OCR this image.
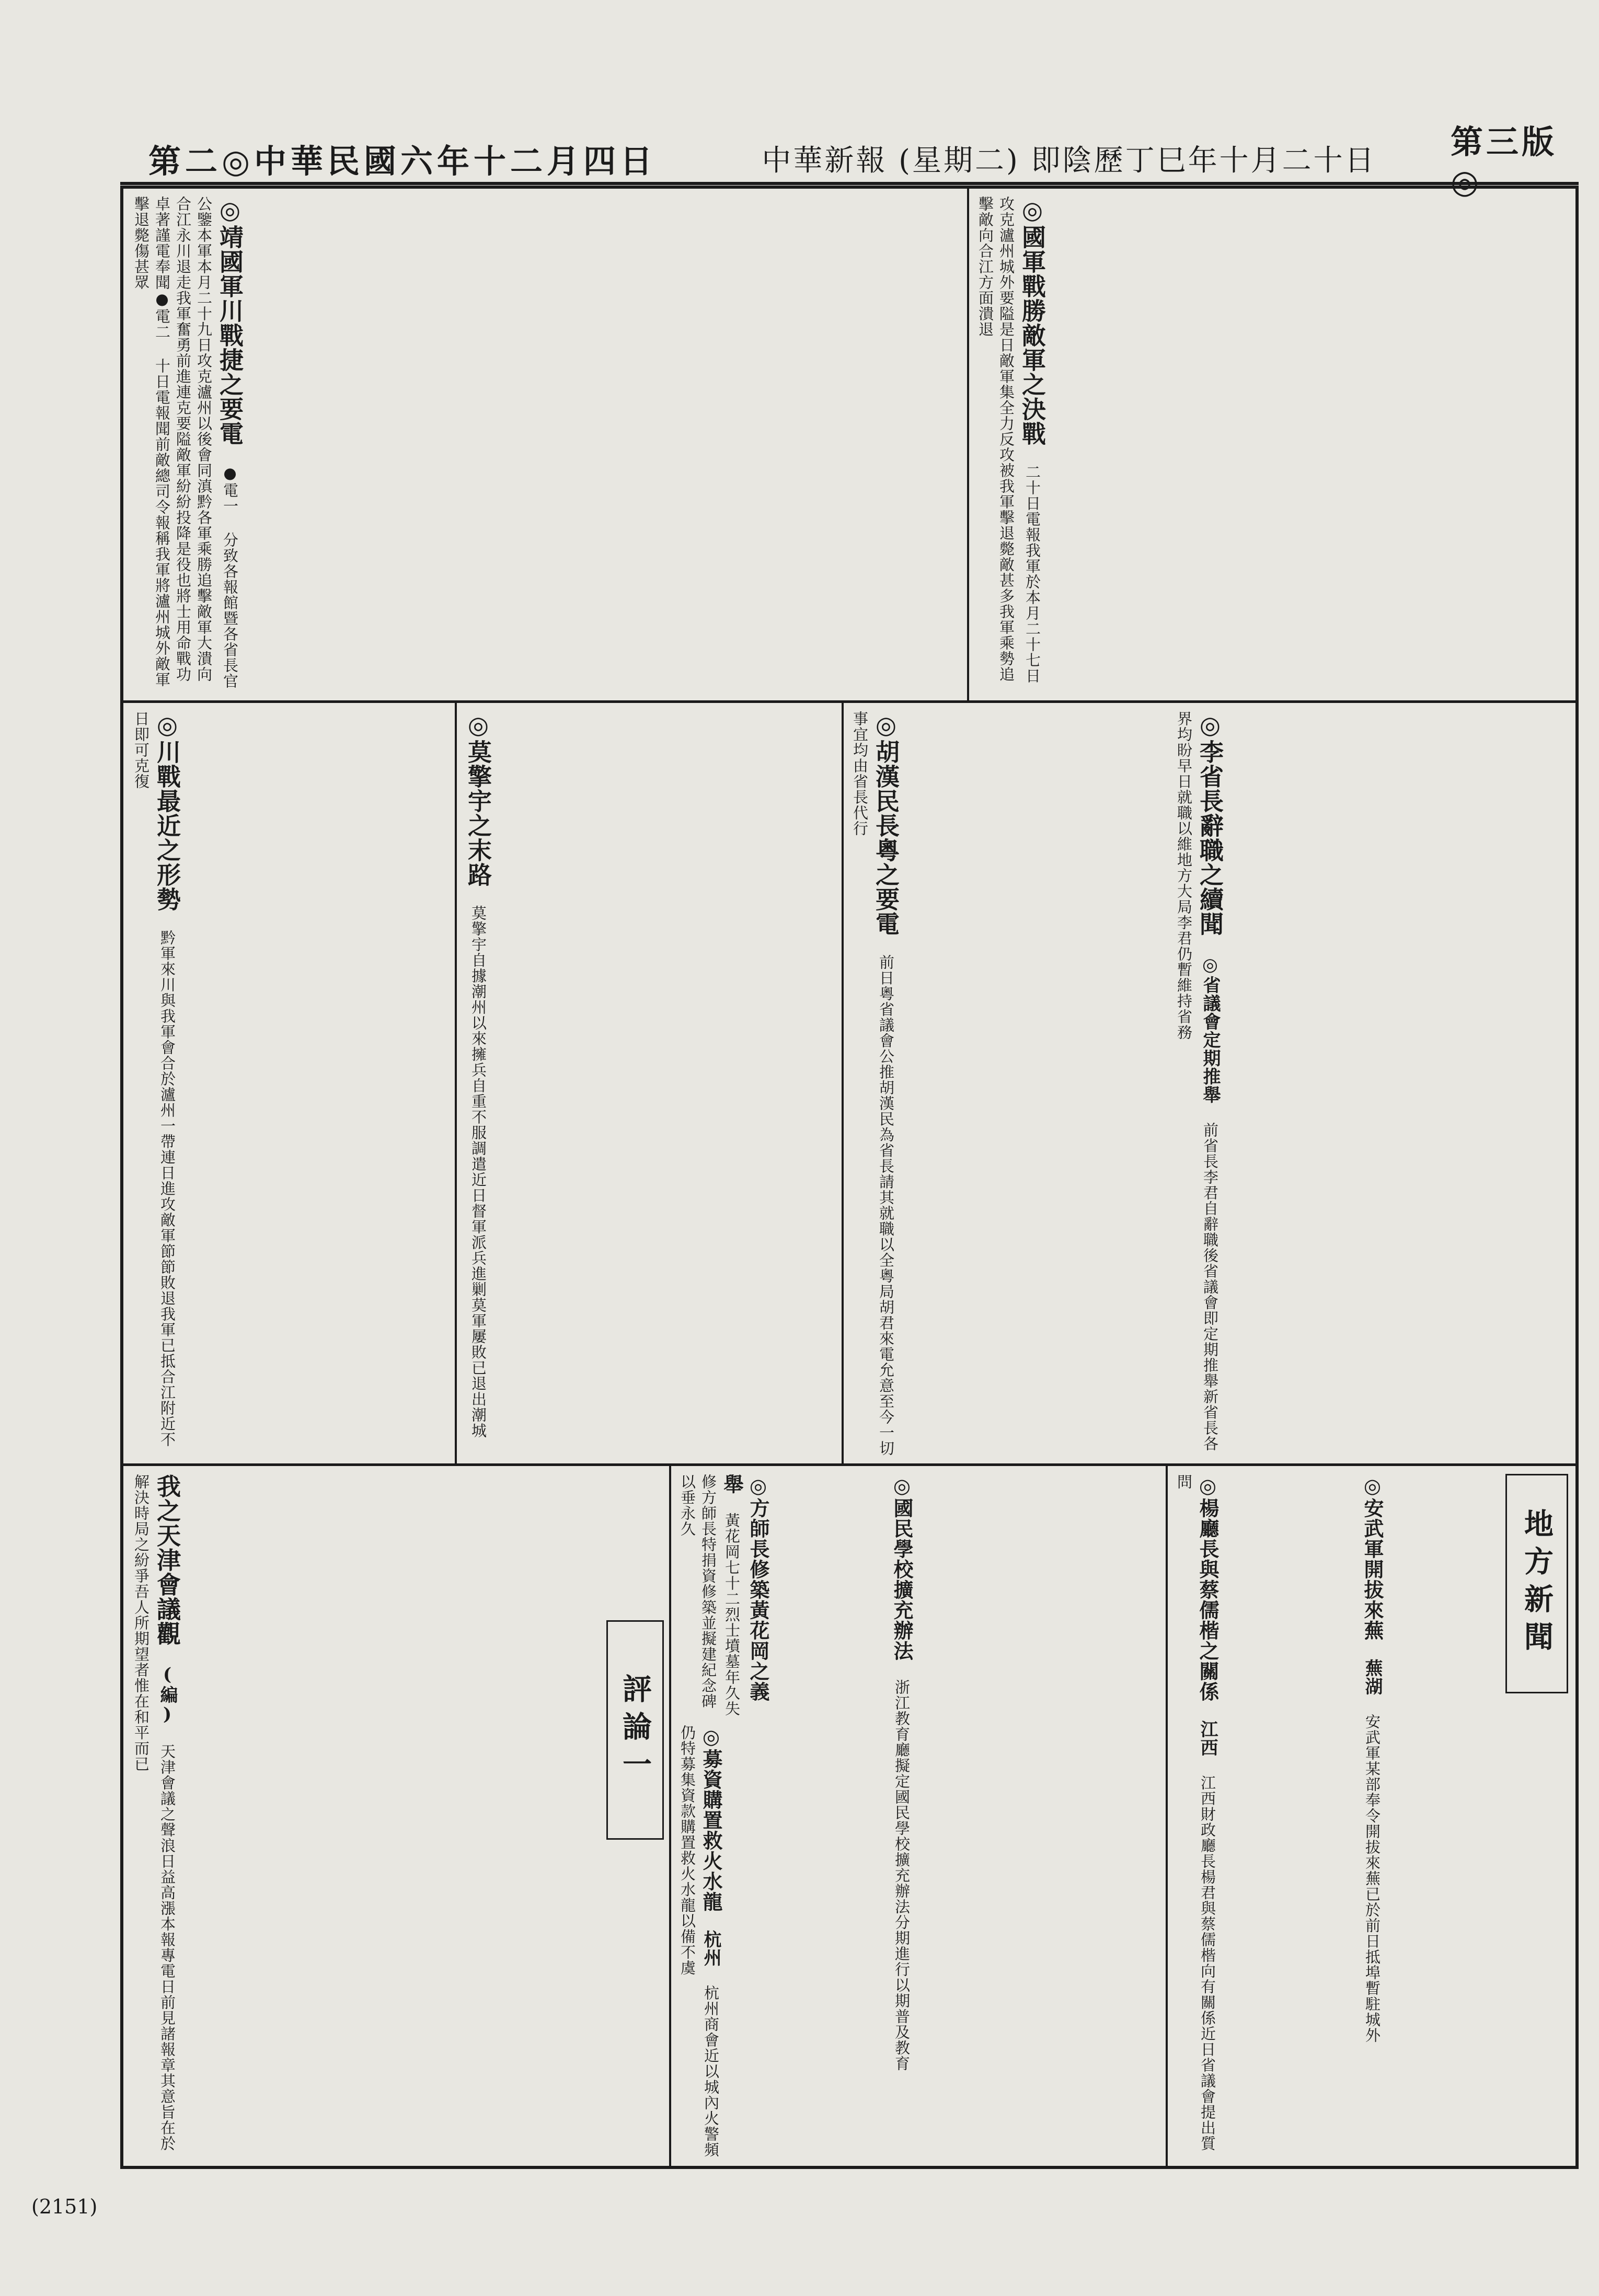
第二◎中華民國六年十二月四日	中華新報 (星期二) 即陰歷丁巳年十月二十日	第三版◎
◎靖國軍川戰捷之要電 ●電一 分致各報館暨各省長官公鑒本軍本月二十九日攻克瀘州以後會同滇黔各軍乘勝追擊敵軍大潰向合江永川退走我軍奮勇前進連克要隘敵軍紛紛投降是役也將士用命戰功卓著謹電奉聞●電二 十日電報聞前敵總司令報稱我軍將瀘州城外敵軍擊退斃傷甚眾	◎國軍戰勝敵軍之決戰 二十日電報我軍於本月二十七日攻克瀘州城外要隘是日敵軍集全力反攻被我軍擊退斃敵甚多我軍乘勢追擊敵向合江方面潰退
◎李省長辭職之續聞 ◎省議會定期推舉 前省長李君自辭職後省議會即定期推舉新省長各界均盼早日就職以維地方大局李君仍暫維持省務
◎胡漢民長粵之要電 前日粵省議會公推胡漢民為省長請其就職以全粵局胡君來電允意至今一切事宜均由省長代行
◎莫擎宇之末路 莫擎宇自據潮州以來擁兵自重不服調遣近日督軍派兵進剿莫軍屢敗已退出潮城
◎川戰最近之形勢 黔軍來川與我軍會合於瀘州一帶連日進攻敵軍節節敗退我軍已抵合江附近不日即可克復
地方新聞
◎安武軍開拔來蕪 蕪湖 安武軍某部奉令開拔來蕪已於前日抵埠暫駐城外
◎楊廳長與蔡儒楷之關係 江西 江西財政廳長楊君與蔡儒楷向有關係近日省議會提出質問
◎國民學校擴充辦法 浙江教育廳擬定國民學校擴充辦法分期進行以期普及教育
◎募資購置救火水龍 杭州 杭州商會近以城內火警頻仍特募集資款購置救火水龍以備不虞
◎方師長修築黃花岡之義舉 黃花岡七十二烈士墳墓年久失修方師長特捐資修築並擬建紀念碑以垂永久
評論一
我之天津會議觀 (編) 天津會議之聲浪日益高漲本報專電日前見諸報章其意旨在於解決時局之紛爭吾人所期望者惟在和平而已
(2151)
